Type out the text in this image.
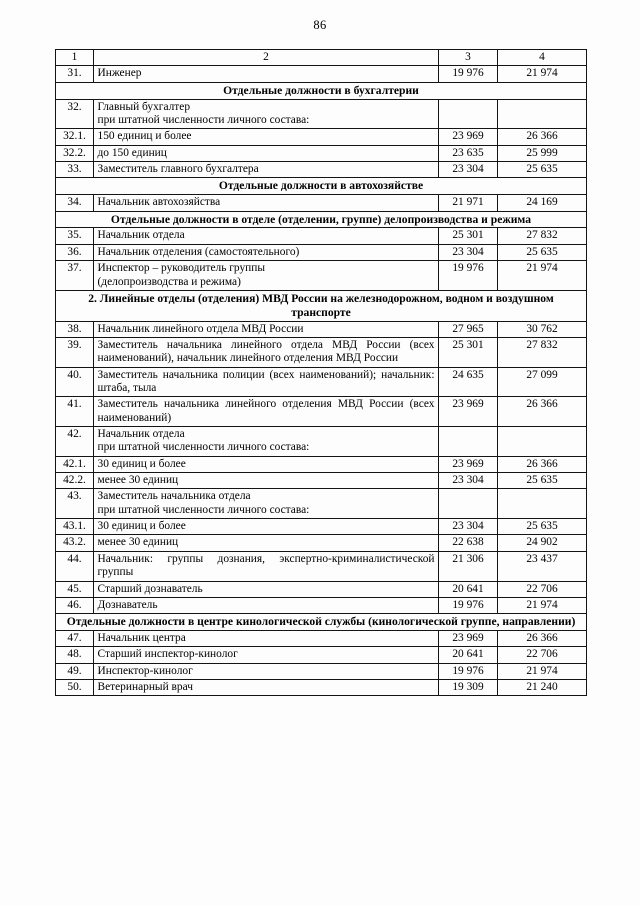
86
1	2	3	4
31.	Инженер	19 976	21 974
Отдельные должности в бухгалтерии			
32.	Главный бухгалтер
при штатной численности личного состава:		

32.1.	150 единиц и более	23 969	26 366
32.2.	до 150 единиц	23 635	25 999
33.	Заместитель главного бухгалтера	23 304	25 635
Отдельные должности в автохозяйстве			
34.	Начальник автохозяйства	21 971	24 169
Отдельные должности в отделе (отделении, группе) делопроизводства и режима			
35.	Начальник отдела	25 301	27 832
36.	Начальник отделения (самостоятельного)	23 304	25 635
37.	Инспектор – руководитель группы
(делопроизводства и режима)	19 976	21 974
2. Линейные отделы (отделения) МВД России на железнодорожном, водном и воздушном транспорте			
38.	Начальник линейного отдела МВД России	27 965	30 762
39.	Заместитель начальника линейного отдела МВД России (всех наименований), начальник линейного отделения МВД России	25 301	27 832
40.	Заместитель начальника полиции (всех наименований); начальник: штаба, тыла	24 635	27 099
41.	Заместитель начальника линейного отделения МВД России (всех наименований)	23 969	26 366
42.	Начальник отдела
при штатной численности личного состава:		

42.1.	30 единиц и более	23 969	26 366
42.2.	менее 30 единиц	23 304	25 635
43.	Заместитель начальника отдела
при штатной численности личного состава:		

43.1.	30 единиц и более	23 304	25 635
43.2.	менее 30 единиц	22 638	24 902
44.	Начальник: группы дознания, экспертно-криминалистической группы	21 306	23 437
45.	Старший дознаватель	20 641	22 706
46.	Дознаватель	19 976	21 974
Отдельные должности в центре кинологической службы (кинологической группе, направлении)			
47.	Начальник центра	23 969	26 366
48.	Старший инспектор-кинолог	20 641	22 706
49.	Инспектор-кинолог	19 976	21 974
50.	Ветеринарный врач	19 309	21 240
